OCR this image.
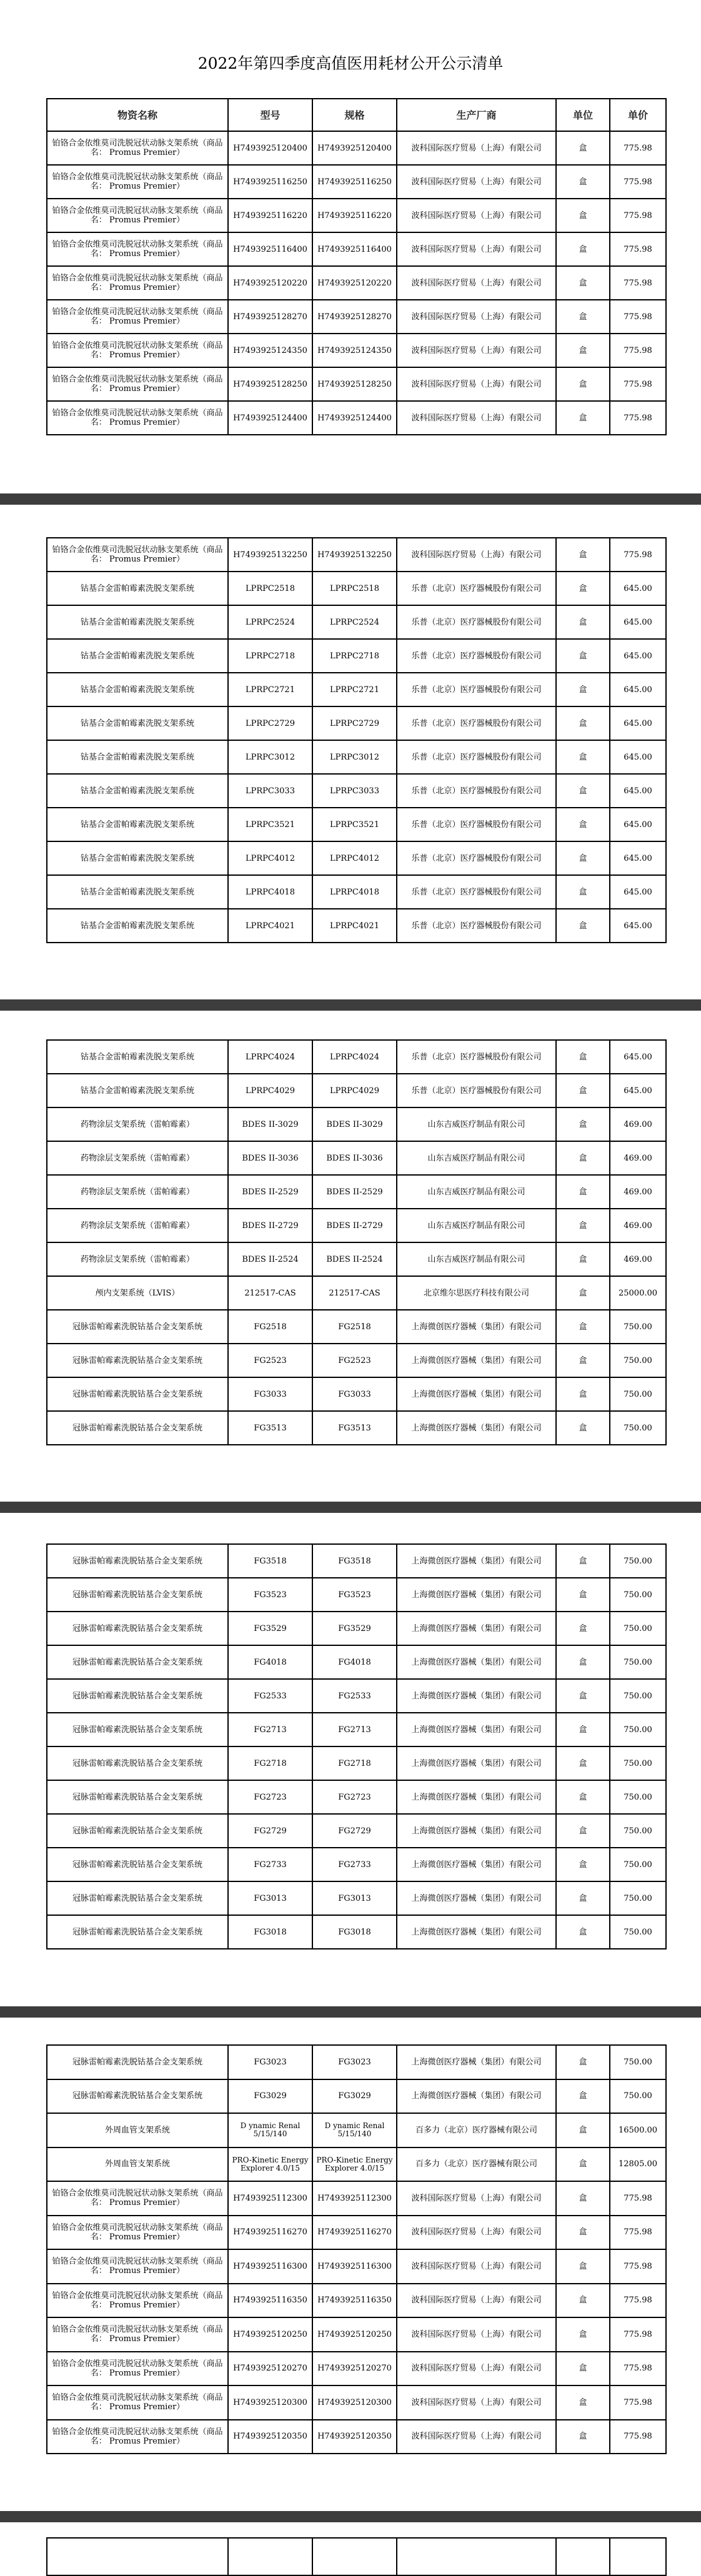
2022年第四季度高值医用耗材公开公示清单
物资名称	型号	规格	生产厂商	单位	单价
铂铬合金依维莫司洗脱冠状动脉支架系统（商品名： Promus Premier）	H7493925120400	H7493925120400	波科国际医疗贸易（上海）有限公司	盒	775.98
铂铬合金依维莫司洗脱冠状动脉支架系统（商品名： Promus Premier）	H7493925116250	H7493925116250	波科国际医疗贸易（上海）有限公司	盒	775.98
铂铬合金依维莫司洗脱冠状动脉支架系统（商品名： Promus Premier）	H7493925116220	H7493925116220	波科国际医疗贸易（上海）有限公司	盒	775.98
铂铬合金依维莫司洗脱冠状动脉支架系统（商品名： Promus Premier）	H7493925116400	H7493925116400	波科国际医疗贸易（上海）有限公司	盒	775.98
铂铬合金依维莫司洗脱冠状动脉支架系统（商品名： Promus Premier）	H7493925120220	H7493925120220	波科国际医疗贸易（上海）有限公司	盒	775.98
铂铬合金依维莫司洗脱冠状动脉支架系统（商品名： Promus Premier）	H7493925128270	H7493925128270	波科国际医疗贸易（上海）有限公司	盒	775.98
铂铬合金依维莫司洗脱冠状动脉支架系统（商品名： Promus Premier）	H7493925124350	H7493925124350	波科国际医疗贸易（上海）有限公司	盒	775.98
铂铬合金依维莫司洗脱冠状动脉支架系统（商品名： Promus Premier）	H7493925128250	H7493925128250	波科国际医疗贸易（上海）有限公司	盒	775.98
铂铬合金依维莫司洗脱冠状动脉支架系统（商品名： Promus Premier）	H7493925124400	H7493925124400	波科国际医疗贸易（上海）有限公司	盒	775.98
铂铬合金依维莫司洗脱冠状动脉支架系统（商品名： Promus Premier）	H7493925132250	H7493925132250	波科国际医疗贸易（上海）有限公司	盒	775.98
钴基合金雷帕霉素洗脱支架系统	LPRPC2518	LPRPC2518	乐普（北京）医疗器械股份有限公司	盒	645.00
钴基合金雷帕霉素洗脱支架系统	LPRPC2524	LPRPC2524	乐普（北京）医疗器械股份有限公司	盒	645.00
钴基合金雷帕霉素洗脱支架系统	LPRPC2718	LPRPC2718	乐普（北京）医疗器械股份有限公司	盒	645.00
钴基合金雷帕霉素洗脱支架系统	LPRPC2721	LPRPC2721	乐普（北京）医疗器械股份有限公司	盒	645.00
钴基合金雷帕霉素洗脱支架系统	LPRPC2729	LPRPC2729	乐普（北京）医疗器械股份有限公司	盒	645.00
钴基合金雷帕霉素洗脱支架系统	LPRPC3012	LPRPC3012	乐普（北京）医疗器械股份有限公司	盒	645.00
钴基合金雷帕霉素洗脱支架系统	LPRPC3033	LPRPC3033	乐普（北京）医疗器械股份有限公司	盒	645.00
钴基合金雷帕霉素洗脱支架系统	LPRPC3521	LPRPC3521	乐普（北京）医疗器械股份有限公司	盒	645.00
钴基合金雷帕霉素洗脱支架系统	LPRPC4012	LPRPC4012	乐普（北京）医疗器械股份有限公司	盒	645.00
钴基合金雷帕霉素洗脱支架系统	LPRPC4018	LPRPC4018	乐普（北京）医疗器械股份有限公司	盒	645.00
钴基合金雷帕霉素洗脱支架系统	LPRPC4021	LPRPC4021	乐普（北京）医疗器械股份有限公司	盒	645.00
钴基合金雷帕霉素洗脱支架系统	LPRPC4024	LPRPC4024	乐普（北京）医疗器械股份有限公司	盒	645.00
钴基合金雷帕霉素洗脱支架系统	LPRPC4029	LPRPC4029	乐普（北京）医疗器械股份有限公司	盒	645.00
药物涂层支架系统（雷帕霉素）	BDES II-3029	BDES II-3029	山东吉威医疗制品有限公司	盒	469.00
药物涂层支架系统（雷帕霉素）	BDES II-3036	BDES II-3036	山东吉威医疗制品有限公司	盒	469.00
药物涂层支架系统（雷帕霉素）	BDES II-2529	BDES II-2529	山东吉威医疗制品有限公司	盒	469.00
药物涂层支架系统（雷帕霉素）	BDES II-2729	BDES II-2729	山东吉威医疗制品有限公司	盒	469.00
药物涂层支架系统（雷帕霉素）	BDES II-2524	BDES II-2524	山东吉威医疗制品有限公司	盒	469.00
颅内支架系统（LVIS）	212517-CAS	212517-CAS	北京维尔思医疗科技有限公司	盒	25000.00
冠脉雷帕霉素洗脱钴基合金支架系统	FG2518	FG2518	上海微创医疗器械（集团）有限公司	盒	750.00
冠脉雷帕霉素洗脱钴基合金支架系统	FG2523	FG2523	上海微创医疗器械（集团）有限公司	盒	750.00
冠脉雷帕霉素洗脱钴基合金支架系统	FG3033	FG3033	上海微创医疗器械（集团）有限公司	盒	750.00
冠脉雷帕霉素洗脱钴基合金支架系统	FG3513	FG3513	上海微创医疗器械（集团）有限公司	盒	750.00
冠脉雷帕霉素洗脱钴基合金支架系统	FG3518	FG3518	上海微创医疗器械（集团）有限公司	盒	750.00
冠脉雷帕霉素洗脱钴基合金支架系统	FG3523	FG3523	上海微创医疗器械（集团）有限公司	盒	750.00
冠脉雷帕霉素洗脱钴基合金支架系统	FG3529	FG3529	上海微创医疗器械（集团）有限公司	盒	750.00
冠脉雷帕霉素洗脱钴基合金支架系统	FG4018	FG4018	上海微创医疗器械（集团）有限公司	盒	750.00
冠脉雷帕霉素洗脱钴基合金支架系统	FG2533	FG2533	上海微创医疗器械（集团）有限公司	盒	750.00
冠脉雷帕霉素洗脱钴基合金支架系统	FG2713	FG2713	上海微创医疗器械（集团）有限公司	盒	750.00
冠脉雷帕霉素洗脱钴基合金支架系统	FG2718	FG2718	上海微创医疗器械（集团）有限公司	盒	750.00
冠脉雷帕霉素洗脱钴基合金支架系统	FG2723	FG2723	上海微创医疗器械（集团）有限公司	盒	750.00
冠脉雷帕霉素洗脱钴基合金支架系统	FG2729	FG2729	上海微创医疗器械（集团）有限公司	盒	750.00
冠脉雷帕霉素洗脱钴基合金支架系统	FG2733	FG2733	上海微创医疗器械（集团）有限公司	盒	750.00
冠脉雷帕霉素洗脱钴基合金支架系统	FG3013	FG3013	上海微创医疗器械（集团）有限公司	盒	750.00
冠脉雷帕霉素洗脱钴基合金支架系统	FG3018	FG3018	上海微创医疗器械（集团）有限公司	盒	750.00
冠脉雷帕霉素洗脱钴基合金支架系统	FG3023	FG3023	上海微创医疗器械（集团）有限公司	盒	750.00
冠脉雷帕霉素洗脱钴基合金支架系统	FG3029	FG3029	上海微创医疗器械（集团）有限公司	盒	750.00
外周血管支架系统	D ynamic Renal 5/15/140	D ynamic Renal 5/15/140	百多力（北京）医疗器械有限公司	盒	16500.00
外周血管支架系统	PRO-Kinetic Energy Explorer 4.0/15	PRO-Kinetic Energy Explorer 4.0/15	百多力（北京）医疗器械有限公司	盒	12805.00
铂铬合金依维莫司洗脱冠状动脉支架系统（商品名： Promus Premier）	H7493925112300	H7493925112300	波科国际医疗贸易（上海）有限公司	盒	775.98
铂铬合金依维莫司洗脱冠状动脉支架系统（商品名： Promus Premier）	H7493925116270	H7493925116270	波科国际医疗贸易（上海）有限公司	盒	775.98
铂铬合金依维莫司洗脱冠状动脉支架系统（商品名： Promus Premier）	H7493925116300	H7493925116300	波科国际医疗贸易（上海）有限公司	盒	775.98
铂铬合金依维莫司洗脱冠状动脉支架系统（商品名： Promus Premier）	H7493925116350	H7493925116350	波科国际医疗贸易（上海）有限公司	盒	775.98
铂铬合金依维莫司洗脱冠状动脉支架系统（商品名： Promus Premier）	H7493925120250	H7493925120250	波科国际医疗贸易（上海）有限公司	盒	775.98
铂铬合金依维莫司洗脱冠状动脉支架系统（商品名： Promus Premier）	H7493925120270	H7493925120270	波科国际医疗贸易（上海）有限公司	盒	775.98
铂铬合金依维莫司洗脱冠状动脉支架系统（商品名： Promus Premier）	H7493925120300	H7493925120300	波科国际医疗贸易（上海）有限公司	盒	775.98
铂铬合金依维莫司洗脱冠状动脉支架系统（商品名： Promus Premier）	H7493925120350	H7493925120350	波科国际医疗贸易（上海）有限公司	盒	775.98
